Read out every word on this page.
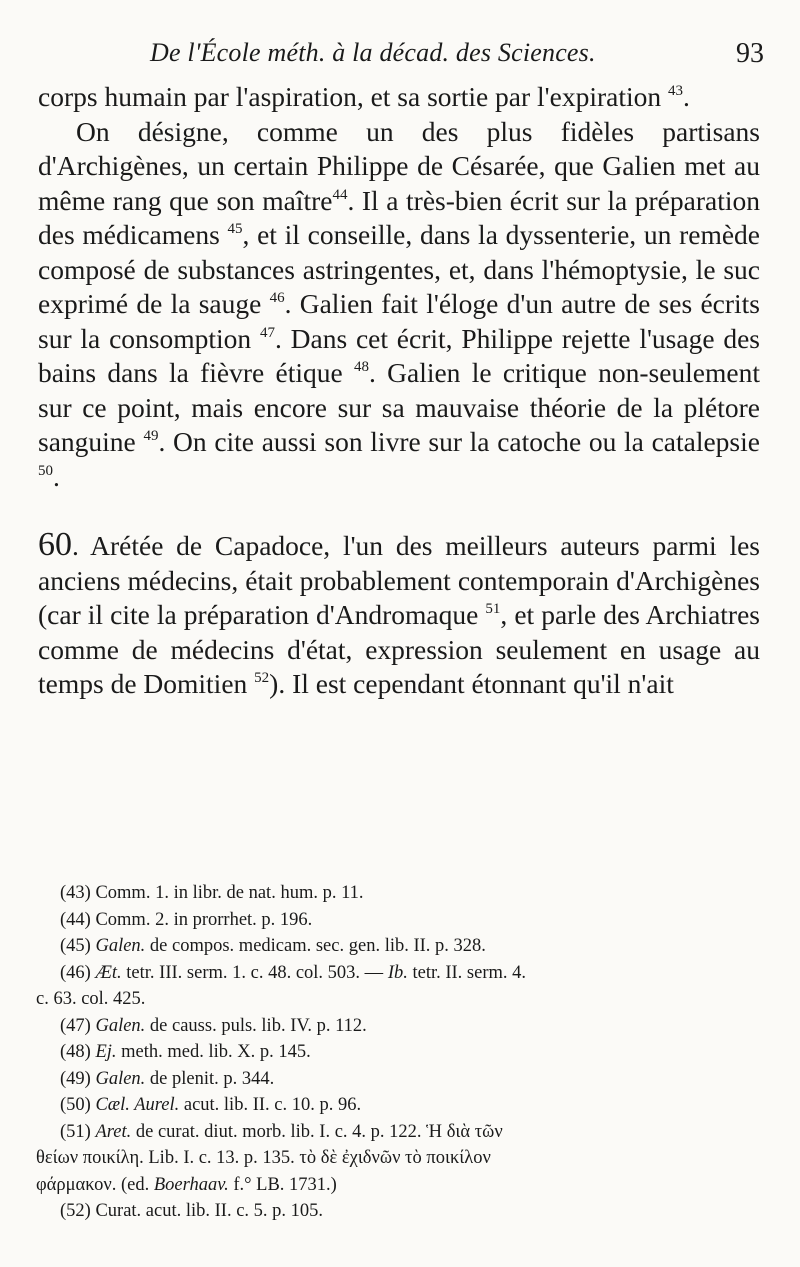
De l'École méth. à la décad. des Sciences.	93

corps humain par l'aspiration, et sa sortie par l'expiration $^{43}$.

On désigne, comme un des plus fidèles partisans d'Archigènes, un certain Philippe de Césarée, que Galien met au même rang que son maître$^{44}$. Il a très-bien écrit sur la préparation des médicamens $^{45}$, et il conseille, dans la dyssenterie, un remède composé de substances astringentes, et, dans l'hémoptysie, le suc exprimé de la sauge $^{46}$. Galien fait l'éloge d'un autre de ses écrits sur la consomption $^{47}$. Dans cet écrit, Philippe rejette l'usage des bains dans la fièvre étique $^{48}$. Galien le critique non-seulement sur ce point, mais encore sur sa mauvaise théorie de la plétore sanguine $^{49}$. On cite aussi son livre sur la catoche ou la catalepsie $^{50}$.

60. Arétée de Capadoce, l'un des meilleurs auteurs parmi les anciens médecins, était probablement contemporain d'Archigènes (car il cite la préparation d'Andromaque $^{51}$, et parle des Archiatres comme de médecins d'état, expression seulement en usage au temps de Domitien $^{52}$). Il est cependant étonnant qu'il n'ait

(43) Comm. 1. in libr. de nat. hum. p. 11.

(44) Comm. 2. in prorrhet. p. 196.

(45) Galen. de compos. medicam. sec. gen. lib. II. p. 328.

(46) Æt. tetr. III. serm. 1. c. 48. col. 503. — Ib. tetr. II. serm. 4.

c. 63. col. 425.

(47) Galen. de causs. puls. lib. IV. p. 112.

(48) Ej. meth. med. lib. X. p. 145.

(49) Galen. de plenit. p. 344.

(50) Cæl. Aurel. acut. lib. II. c. 10. p. 96.

(51) Aret. de curat. diut. morb. lib. I. c. 4. p. 122. Ἡ διὰ τῶν

θείων ποικίλη. Lib. I. c. 13. p. 135. τὸ δὲ ἐχιδνῶν τὸ ποικίλον

φάρμακον. (ed. Boerhaav. f.° LB. 1731.)

(52) Curat. acut. lib. II. c. 5. p. 105.
